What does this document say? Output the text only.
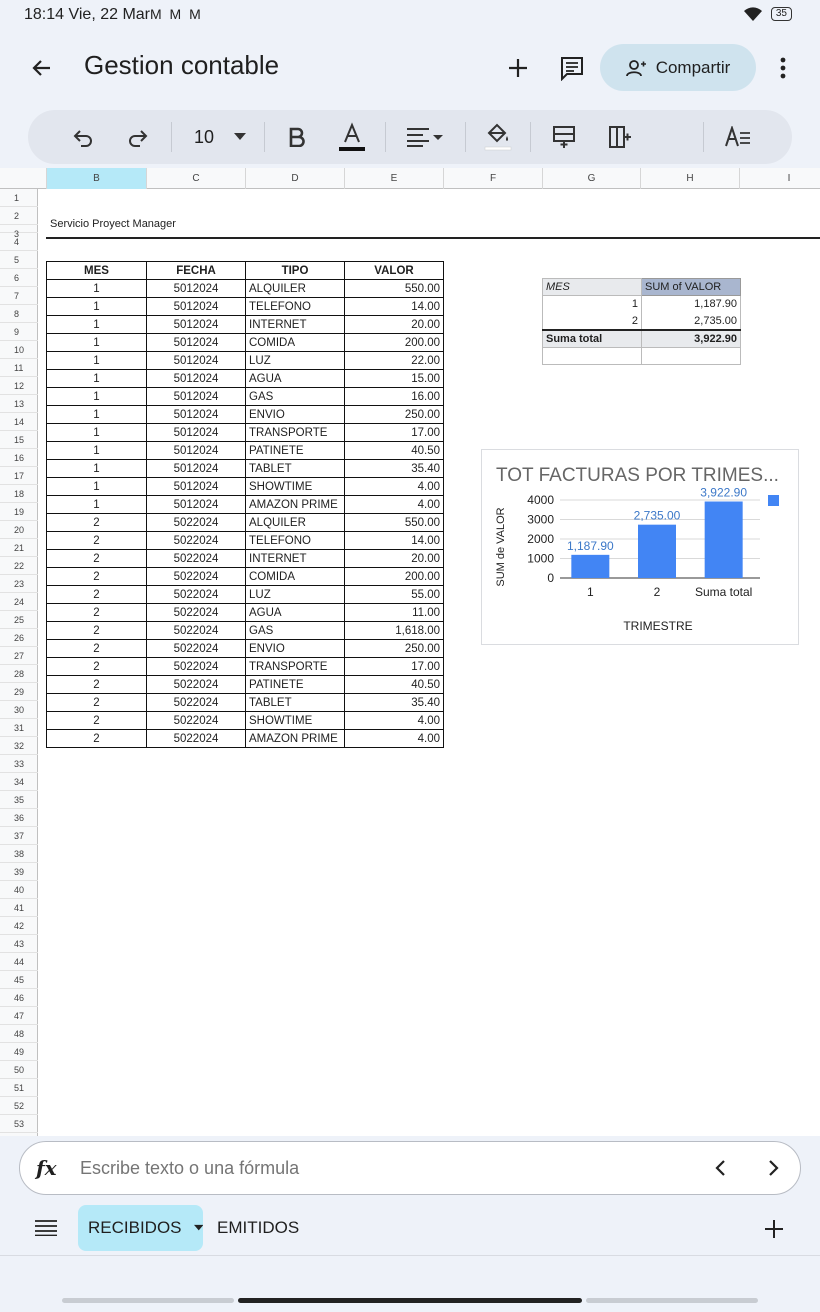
18:14 Vie, 22 Mar M M M	35
Gestion contable	Compartir
10
B	C	D	E	F	G	H	I
1
2
3
4
5
6
7
8
9
10
11
12
13
14
15
16
17
18
19
20
21
22
23
24
25
26
27
28
29
30
31
32
33
34
35
36
37
38
39
40
41
42
43
44
45
46
47
48
49
50
51
52
53
Servicio Proyect Manager
MES	FECHA	TIPO	VALOR
1	5012024	ALQUILER	550.00
1	5012024	TELEFONO	14.00
1	5012024	INTERNET	20.00
1	5012024	COMIDA	200.00
1	5012024	LUZ	22.00
1	5012024	AGUA	15.00
1	5012024	GAS	16.00
1	5012024	ENVIO	250.00
1	5012024	TRANSPORTE	17.00
1	5012024	PATINETE	40.50
1	5012024	TABLET	35.40
1	5012024	SHOWTIME	4.00
1	5012024	AMAZON PRIME	4.00
2	5022024	ALQUILER	550.00
2	5022024	TELEFONO	14.00
2	5022024	INTERNET	20.00
2	5022024	COMIDA	200.00
2	5022024	LUZ	55.00
2	5022024	AGUA	11.00
2	5022024	GAS	1,618.00
2	5022024	ENVIO	250.00
2	5022024	TRANSPORTE	17.00
2	5022024	PATINETE	40.50
2	5022024	TABLET	35.40
2	5022024	SHOWTIME	4.00
2	5022024	AMAZON PRIME	4.00
MES	SUM of VALOR
1	1,187.90
2	2,735.00
Suma total	3,922.90

TOT FACTURAS POR TRIMES...
SUM de VALOR
TRIMESTRE
0
1000
2000
3000
4000
1,187.90
1
2,735.00
2
3,922.90
Suma total
fx Escribe texto o una fórmula
RECIBIDOS EMITIDOS
